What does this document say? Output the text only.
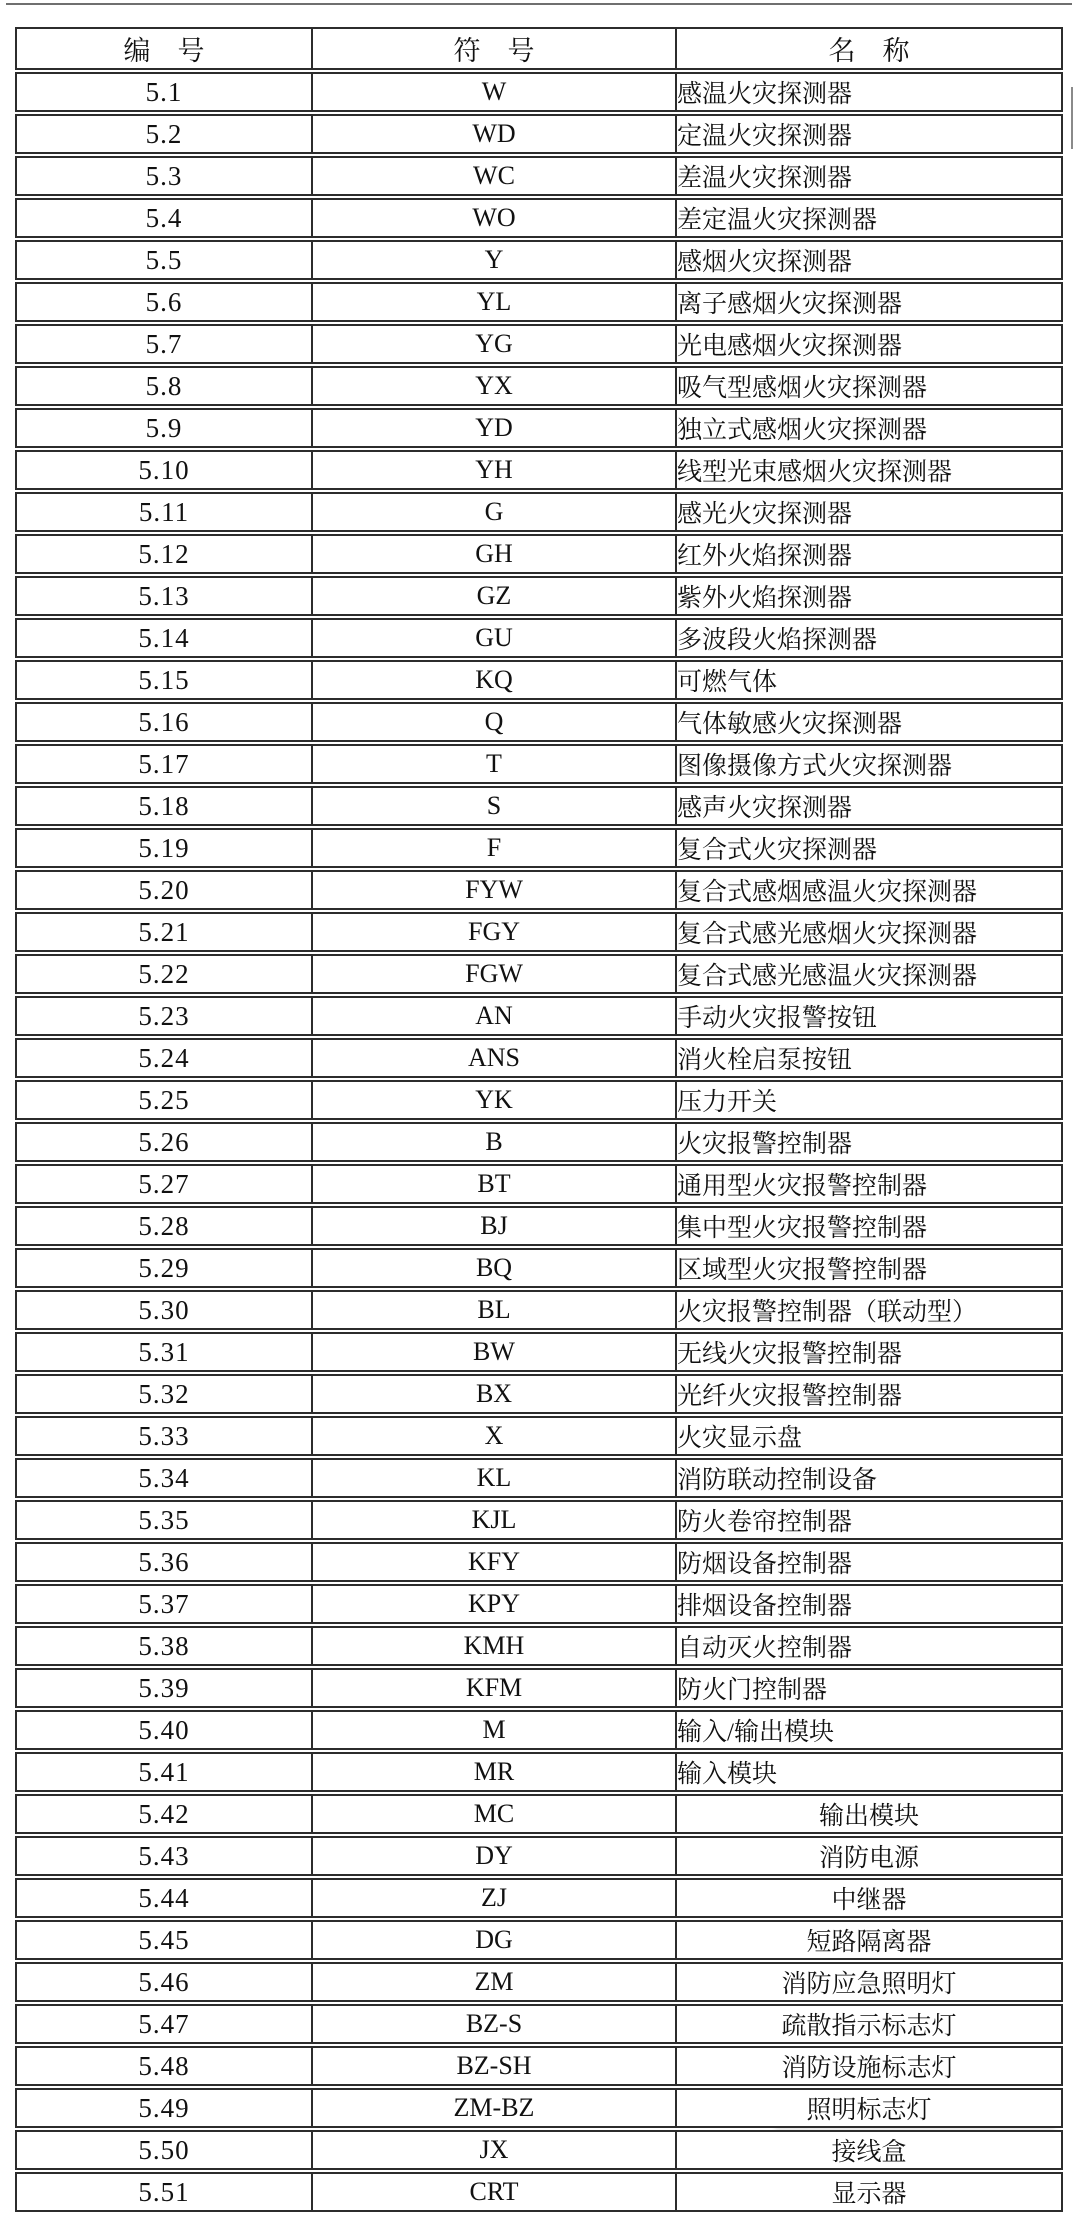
编　号	符　号	名　称
5.1	W	感温火灾探测器
5.2	WD	定温火灾探测器
5.3	WC	差温火灾探测器
5.4	WO	差定温火灾探测器
5.5	Y	感烟火灾探测器
5.6	YL	离子感烟火灾探测器
5.7	YG	光电感烟火灾探测器
5.8	YX	吸气型感烟火灾探测器
5.9	YD	独立式感烟火灾探测器
5.10	YH	线型光束感烟火灾探测器
5.11	G	感光火灾探测器
5.12	GH	红外火焰探测器
5.13	GZ	紫外火焰探测器
5.14	GU	多波段火焰探测器
5.15	KQ	可燃气体
5.16	Q	气体敏感火灾探测器
5.17	T	图像摄像方式火灾探测器
5.18	S	感声火灾探测器
5.19	F	复合式火灾探测器
5.20	FYW	复合式感烟感温火灾探测器
5.21	FGY	复合式感光感烟火灾探测器
5.22	FGW	复合式感光感温火灾探测器
5.23	AN	手动火灾报警按钮
5.24	ANS	消火栓启泵按钮
5.25	YK	压力开关
5.26	B	火灾报警控制器
5.27	BT	通用型火灾报警控制器
5.28	BJ	集中型火灾报警控制器
5.29	BQ	区域型火灾报警控制器
5.30	BL	火灾报警控制器（联动型）
5.31	BW	无线火灾报警控制器
5.32	BX	光纤火灾报警控制器
5.33	X	火灾显示盘
5.34	KL	消防联动控制设备
5.35	KJL	防火卷帘控制器
5.36	KFY	防烟设备控制器
5.37	KPY	排烟设备控制器
5.38	KMH	自动灭火控制器
5.39	KFM	防火门控制器
5.40	M	输入/输出模块
5.41	MR	输入模块
5.42	MC	输出模块
5.43	DY	消防电源
5.44	ZJ	中继器
5.45	DG	短路隔离器
5.46	ZM	消防应急照明灯
5.47	BZ-S	疏散指示标志灯
5.48	BZ-SH	消防设施标志灯
5.49	ZM-BZ	照明标志灯
5.50	JX	接线盒
5.51	CRT	显示器
